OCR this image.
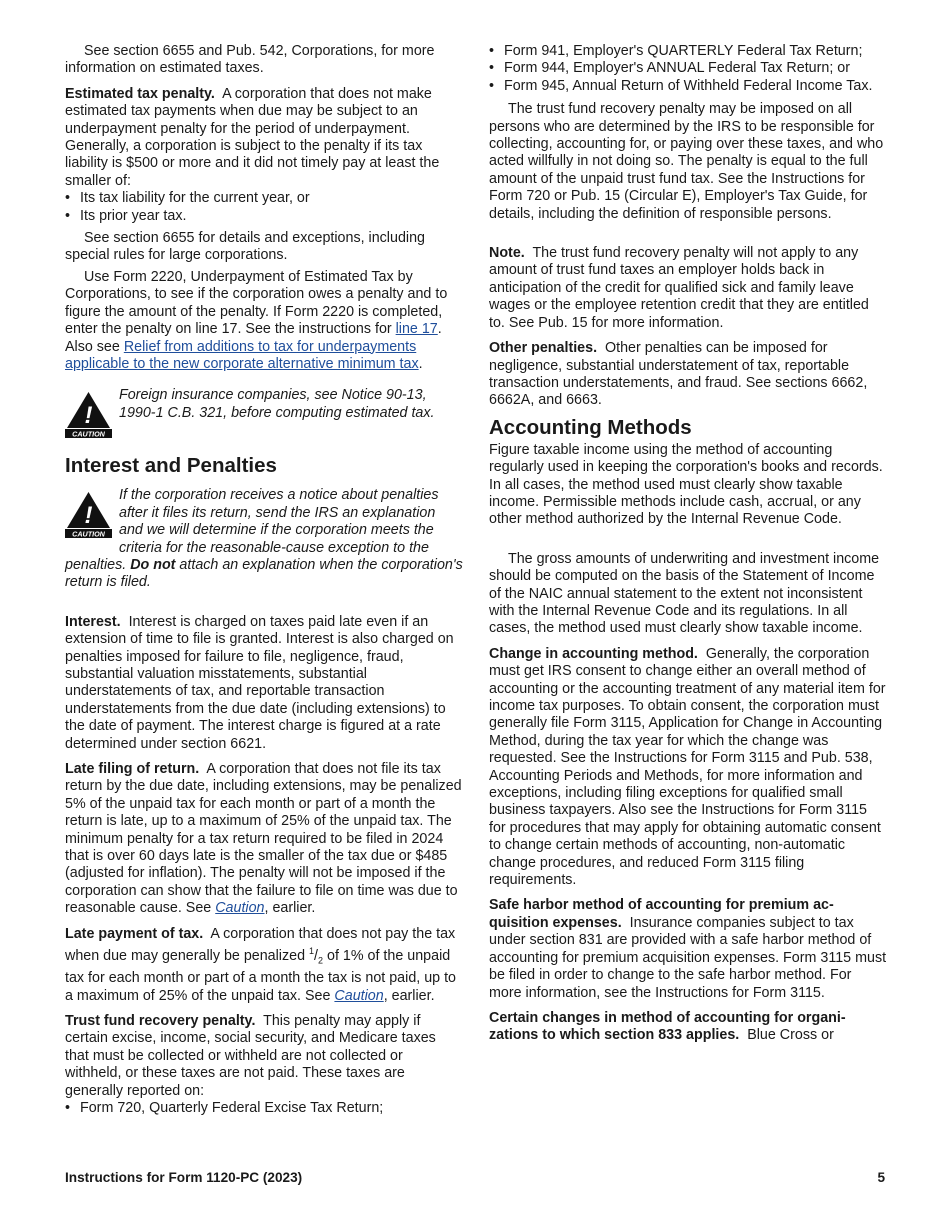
See section 6655 and Pub. 542, Corporations, for more information on estimated taxes.

Estimated tax penalty. A corporation that does not make estimated tax payments when due may be subject to an underpayment penalty for the period of underpayment. Generally, a corporation is subject to the penalty if its tax liability is $500 or more and it did not timely pay at least the smaller of:

• Its tax liability for the current year, or
• Its prior year tax.

See section 6655 for details and exceptions, including special rules for large corporations.

Use Form 2220, Underpayment of Estimated Tax by Corporations, to see if the corporation owes a penalty and to figure the amount of the penalty. If Form 2220 is completed, enter the penalty on line 17. See the instructions for line 17. Also see Relief from additions to tax for underpayments applicable to the new corporate alternative minimum tax.

!
CAUTION
Foreign insurance companies, see Notice 90-13, 1990-1 C.B. 321, before computing estimated tax.
Interest and Penalties
!
CAUTION
If the corporation receives a notice about penalties after it files its return, send the IRS an explanation and we will determine if the corporation meets the criteria for the reasonable-cause exception to the penalties. Do not attach an explanation when the corporation's return is filed.

Interest. Interest is charged on taxes paid late even if an extension of time to file is granted. Interest is also charged on penalties imposed for failure to file, negligence, fraud, substantial valuation misstatements, substantial understatements of tax, and reportable transaction understatements from the due date (including extensions) to the date of payment. The interest charge is figured at a rate determined under section 6621.

Late filing of return. A corporation that does not file its tax return by the due date, including extensions, may be penalized 5% of the unpaid tax for each month or part of a month the return is late, up to a maximum of 25% of the unpaid tax. The minimum penalty for a tax return required to be filed in 2024 that is over 60 days late is the smaller of the tax due or $485 (adjusted for inflation). The penalty will not be imposed if the corporation can show that the failure to file on time was due to reasonable cause. See Caution, earlier.

Late payment of tax. A corporation that does not pay the tax when due may generally be penalized $^1/_2$ of 1% of the unpaid tax for each month or part of a month the tax is not paid, up to a maximum of 25% of the unpaid tax. See Caution, earlier.

Trust fund recovery penalty. This penalty may apply if certain excise, income, social security, and Medicare taxes that must be collected or withheld are not collected or withheld, or these taxes are not paid. These taxes are generally reported on:

• Form 720, Quarterly Federal Excise Tax Return;
• Form 941, Employer's QUARTERLY Federal Tax Return;
• Form 944, Employer's ANNUAL Federal Tax Return; or
• Form 945, Annual Return of Withheld Federal Income Tax.

The trust fund recovery penalty may be imposed on all persons who are determined by the IRS to be responsible for collecting, accounting for, or paying over these taxes, and who acted willfully in not doing so. The penalty is equal to the full amount of the unpaid trust fund tax. See the Instructions for Form 720 or Pub. 15 (Circular E), Employer's Tax Guide, for details, including the definition of responsible persons.

Note. The trust fund recovery penalty will not apply to any amount of trust fund taxes an employer holds back in anticipation of the credit for qualified sick and family leave wages or the employee retention credit that they are entitled to. See Pub. 15 for more information.

Other penalties. Other penalties can be imposed for negligence, substantial understatement of tax, reportable transaction understatements, and fraud. See sections 6662, 6662A, and 6663.

Accounting Methods

Figure taxable income using the method of accounting regularly used in keeping the corporation's books and records. In all cases, the method used must clearly show taxable income. Permissible methods include cash, accrual, or any other method authorized by the Internal Revenue Code.

The gross amounts of underwriting and investment income should be computed on the basis of the Statement of Income of the NAIC annual statement to the extent not inconsistent with the Internal Revenue Code and its regulations. In all cases, the method used must clearly show taxable income.

Change in accounting method. Generally, the corporation must get IRS consent to change either an overall method of accounting or the accounting treatment of any material item for income tax purposes. To obtain consent, the corporation must generally file Form 3115, Application for Change in Accounting Method, during the tax year for which the change was requested. See the Instructions for Form 3115 and Pub. 538, Accounting Periods and Methods, for more information and exceptions, including filing exceptions for qualified small business taxpayers. Also see the Instructions for Form 3115 for procedures that may apply for obtaining automatic consent to change certain methods of accounting, non-automatic change procedures, and reduced Form 3115 filing requirements.

Safe harbor method of accounting for premium ac-quisition expenses. Insurance companies subject to tax under section 831 are provided with a safe harbor method of accounting for premium acquisition expenses. Form 3115 must be filed in order to change to the safe harbor method. For more information, see the Instructions for Form 3115.

Certain changes in method of accounting for organi-zations to which section 833 applies. Blue Cross or

Instructions for Form 1120-PC (2023)	5
